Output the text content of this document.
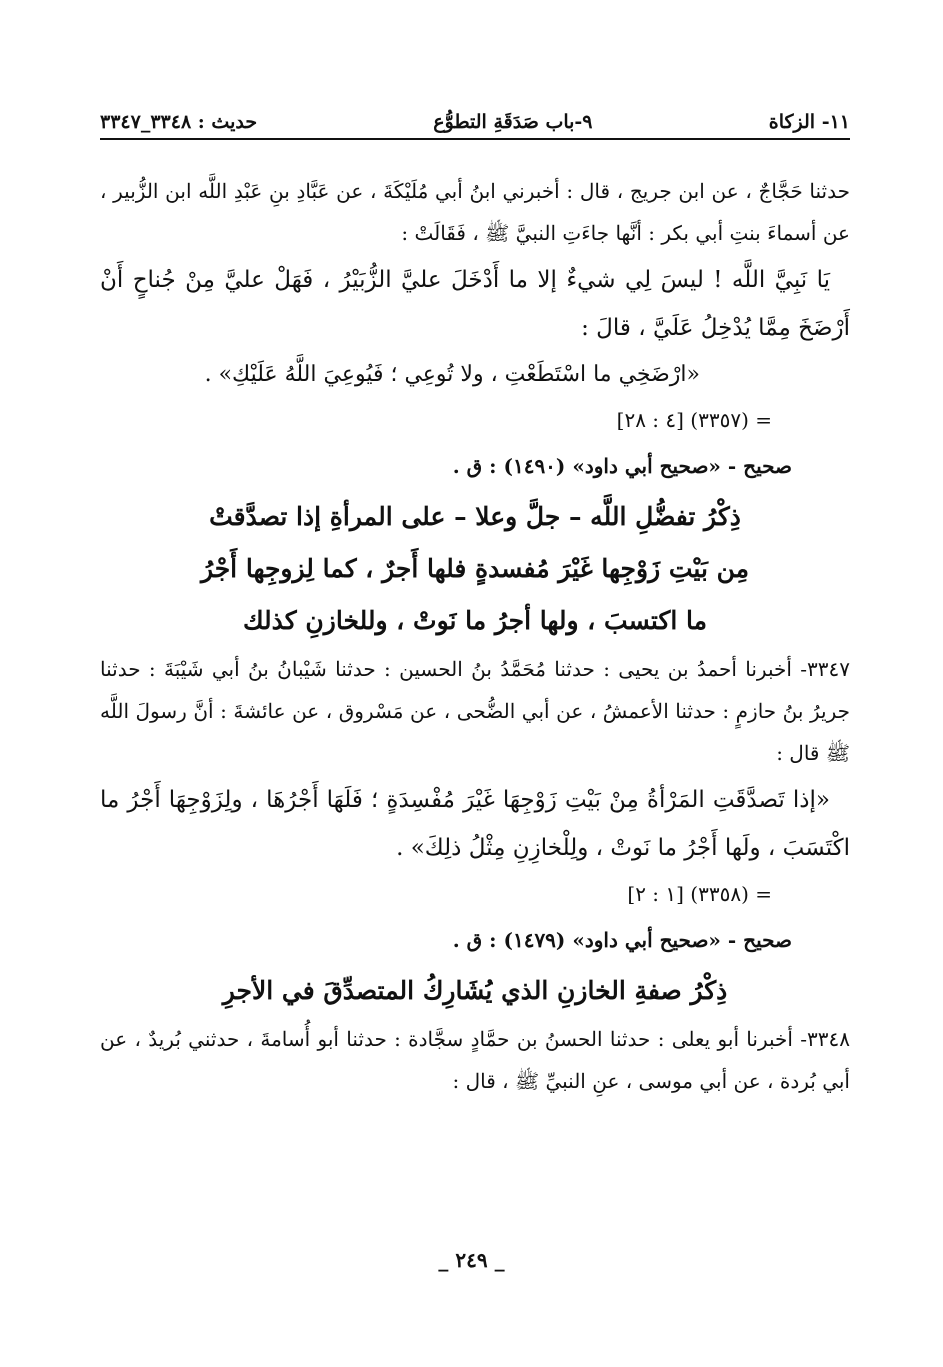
١١- الزكاة
٩-باب صَدَقَةِ التطوُّع
حديث : ٣٣٤٨_٣٣٤٧

حدثنا حَجَّاجٌ ، عن ابن جريج ، قال : أخبرني ابنُ أبي مُلَيْكَةَ ، عن عَبَّادِ بنِ عَبْدِ اللَّه ابن الزُّبير ، عن أسماءَ بنتِ أبي بكر : أنَّها جاءَتِ النبيَّ ﷺ ، فَقَالَتْ :

يَا نَبِيَّ اللَّه ! ليسَ لِي شيءٌ إلا ما أَدْخَلَ عليَّ الزُّبَيْرُ ، فَهَلْ عليَّ مِنْ جُناحٍ أَنْ أَرْضَخَ مِمَّا يُدْخِلُ عَلَيَّ ، قالَ :

«ارْضَخِي ما اسْتَطَعْتِ ، ولا تُوعِي ؛ فَيُوعِيَ اللَّهُ عَلَيْكِ» .

= (٣٣٥٧) [٤ : ٢٨]

صحيح - «صحيح أبي داود» (١٤٩٠) : ق .

ذِكْرُ تفضُّلِ اللَّه – جلَّ وعلا – على المرأةِ إذا تصدَّقتْ
مِن بَيْتِ زَوْجِها غَيْرَ مُفسدةٍ فلها أَجرٌ ، كما لِزوجِها أَجْرُ
ما اكتسبَ ، ولها أجرُ ما نَوتْ ، وللخازنِ كذلك

٣٣٤٧- أخبرنا أحمدُ بن يحيى : حدثنا مُحَمَّدُ بنُ الحسين : حدثنا شَيْبانُ بنُ أبي شَيْبَةَ : حدثنا جريرُ بنُ حازمٍ : حدثنا الأعمشُ ، عن أبي الضُّحى ، عن مَسْروق ، عن عائشةَ : أنَّ رسولَ اللَّه ﷺ قال :

«إذا تَصدَّقَتِ المَرْأةُ مِنْ بَيْتِ زَوْجِهَا غَيْرَ مُفْسِدَةٍ ؛ فَلَهَا أَجْرُهَا ، ولِزَوْجِهَا أَجْرُ ما اكْتَسَبَ ، ولَها أَجْرُ ما نَوتْ ، ولِلْخازِنِ مِثْلُ ذلِكَ» .

= (٣٣٥٨) [١ : ٢]

صحيح - «صحيح أبي داود» (١٤٧٩) : ق .

ذِكْرُ صفةِ الخازنِ الذي يُشَارِكُ المتصدِّقَ في الأجرِ

٣٣٤٨- أخبرنا أبو يعلى : حدثنا الحسنُ بن حمَّادٍ سجَّادة : حدثنا أبو أُسامةَ ، حدثني بُريدٌ ، عن أبي بُردة ، عن أبي موسى ، عنِ النبيِّ ﷺ ، قال :

_ ٢٤٩ _
